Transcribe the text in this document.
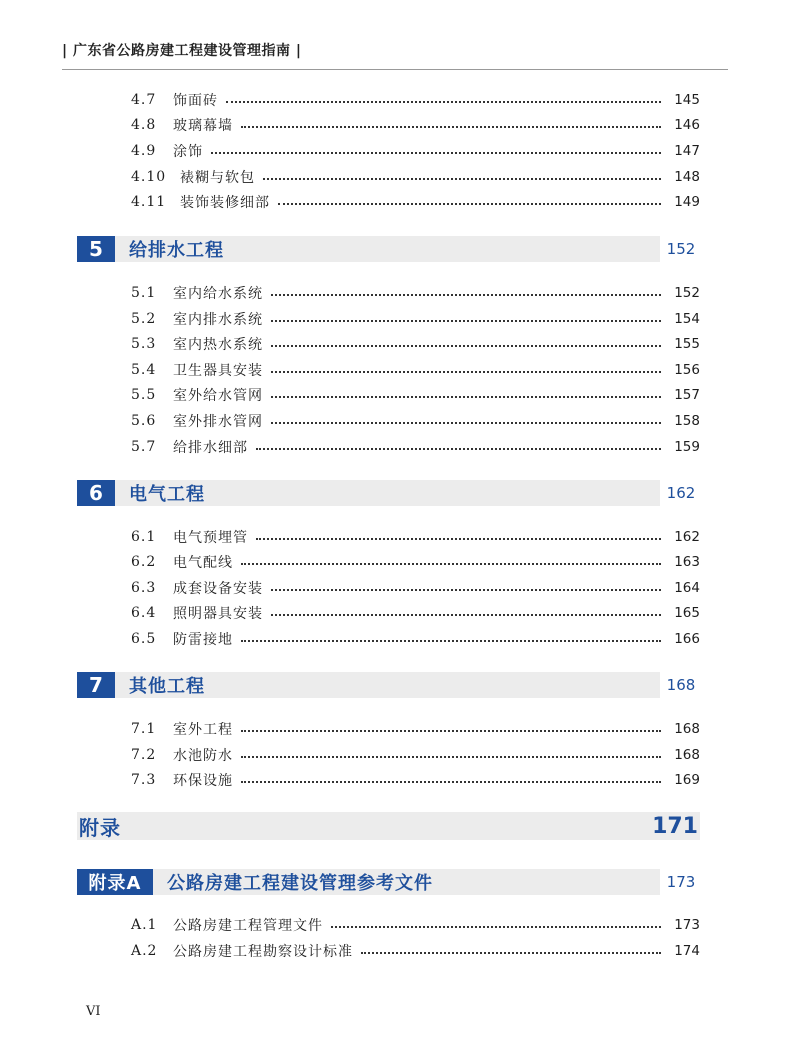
| 广东省公路房建工程建设管理指南 |
4.7	饰面砖	145
4.8	玻璃幕墙	146
4.9	涂饰	147
4.10 裱糊与软包	148
4.11 装饰装修细部	149
5	给排水工程	152
5.1	室内给水系统	152
5.2	室内排水系统	154
5.3	室内热水系统	155
5.4	卫生器具安装	156
5.5	室外给水管网	157
5.6	室外排水管网	158
5.7	给排水细部	159
6	电气工程	162
6.1	电气预埋管	162
6.2	电气配线	163
6.3	成套设备安装	164
6.4	照明器具安装	165
6.5	防雷接地	166
7	其他工程	168
7.1	室外工程	168
7.2	水池防水	168
7.3	环保设施	169
附录A	公路房建工程建设管理参考文件	173
A.1	公路房建工程管理文件	173
A.2	公路房建工程勘察设计标准	174
附录	171
VI
